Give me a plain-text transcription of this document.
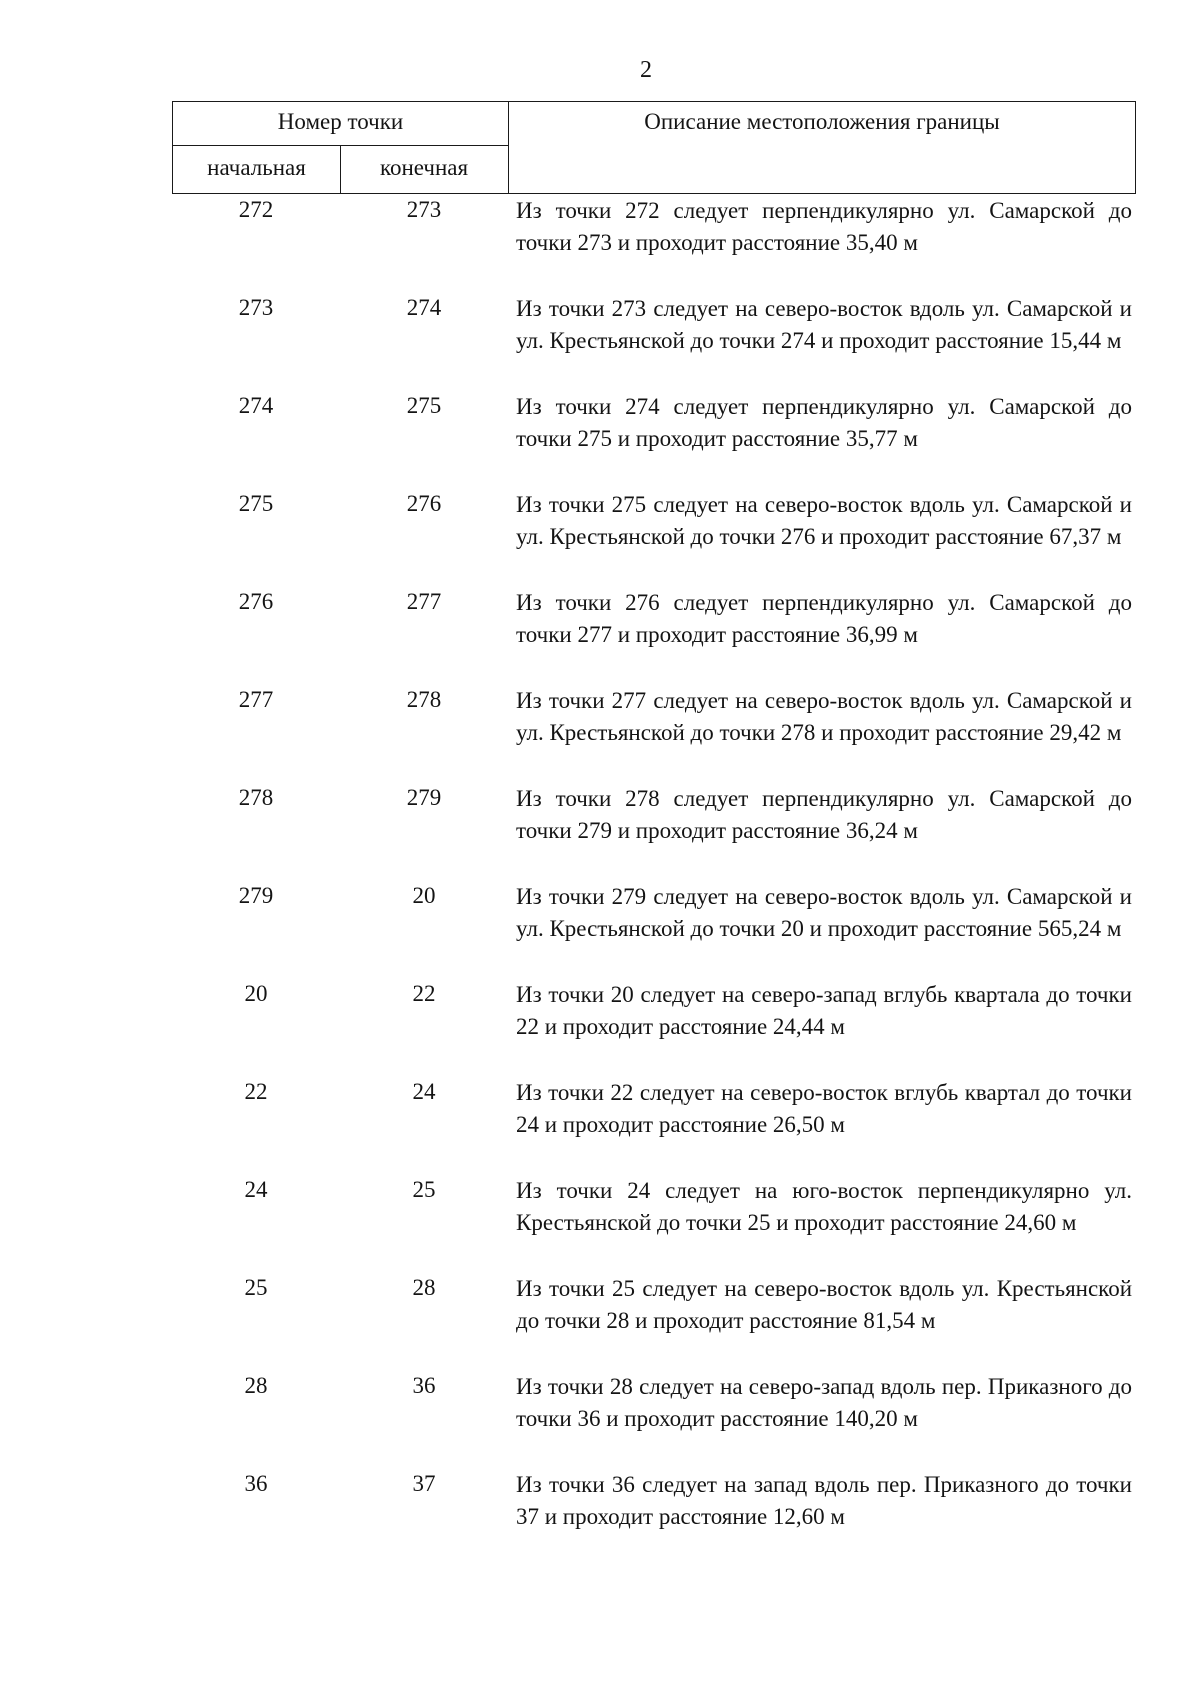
2
Номер точки
начальная	конечная
Описание местоположения границы
272	273	Из точки 272 следует перпендикулярно ул. Самарской до точки 273 и проходит расстояние 35,40 м
273	274	Из точки 273 следует на северо-восток вдоль ул. Самарской и ул. Крестьянской до точки 274 и проходит расстояние 15,44 м
274	275	Из точки 274 следует перпендикулярно ул. Самарской до точки 275 и проходит расстояние 35,77 м
275	276	Из точки 275 следует на северо-восток вдоль ул. Самарской и ул. Крестьянской до точки 276 и проходит расстояние 67,37 м
276	277	Из точки 276 следует перпендикулярно ул. Самарской до точки 277 и проходит расстояние 36,99 м
277	278	Из точки 277 следует на северо-восток вдоль ул. Самарской и ул. Крестьянской до точки 278 и проходит расстояние 29,42 м
278	279	Из точки 278 следует перпендикулярно ул. Самарской до точки 279 и проходит расстояние 36,24 м
279	20	Из точки 279 следует на северо-восток вдоль ул. Самарской и ул. Крестьянской до точки 20 и проходит расстояние 565,24 м
20	22	Из точки 20 следует на северо-запад вглубь квартала до точки 22 и проходит расстояние 24,44 м
22	24	Из точки 22 следует на северо-восток вглубь квартал до точки 24 и проходит расстояние 26,50 м
24	25	Из точки 24 следует на юго-восток перпендикулярно ул. Крестьянской до точки 25 и проходит расстояние 24,60 м
25	28	Из точки 25 следует на северо-восток вдоль ул. Крестьянской до точки 28 и проходит расстояние 81,54 м
28	36	Из точки 28 следует на северо-запад вдоль пер. Приказного до точки 36 и проходит расстояние 140,20 м
36	37	Из точки 36 следует на запад вдоль пер. Приказного до точки 37 и проходит расстояние 12,60 м
